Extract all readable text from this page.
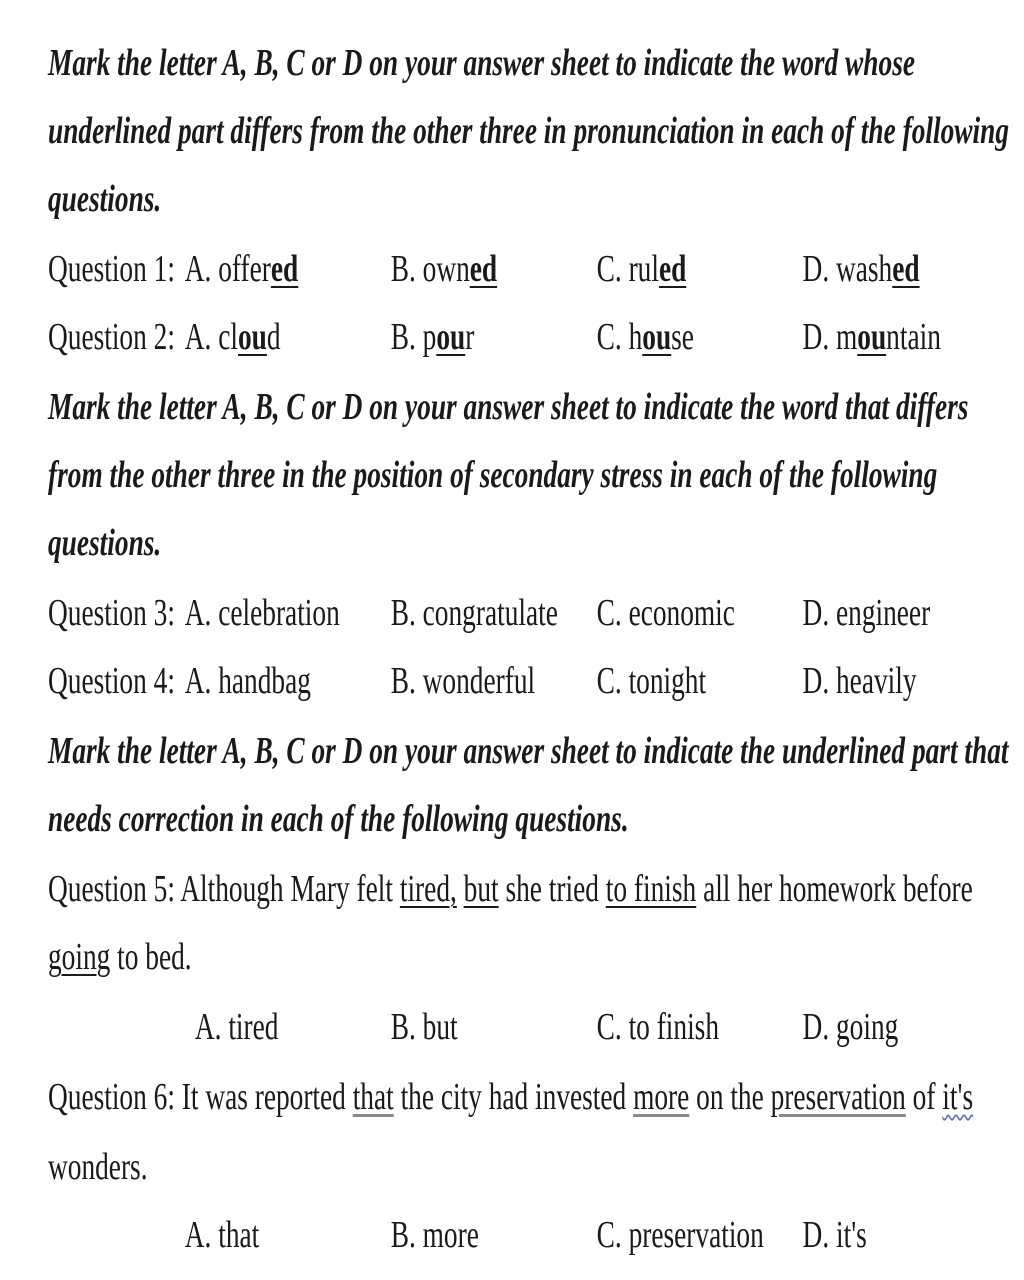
Mark the letter A, B, C or D on your answer sheet to indicate the word whose
underlined part differs from the other three in pronunciation in each of the following
questions.
Question 1: A. offered B. owned	C. ruled	D. washed
Question 2: A. cloud	B. pour	C. house	D. mountain
Mark the letter A, B, C or D on your answer sheet to indicate the word that differs
from the other three in the position of secondary stress in each of the following
questions.
Question 3: A. celebration B. congratulate C. economic D. engineer
Question 4: A. handbag B. wonderful C. tonight	D. heavily
Mark the letter A, B, C or D on your answer sheet to indicate the underlined part that
needs correction in each of the following questions.
Question 5: Although Mary felt tired, but she tried to finish all her homework before
going to bed.
A. tired	B. but	C. to finish D. going
Question 6: It was reported that the city had invested more on the preservation of it's
wonders.
A. that	B. more	C. preservation D. it's
